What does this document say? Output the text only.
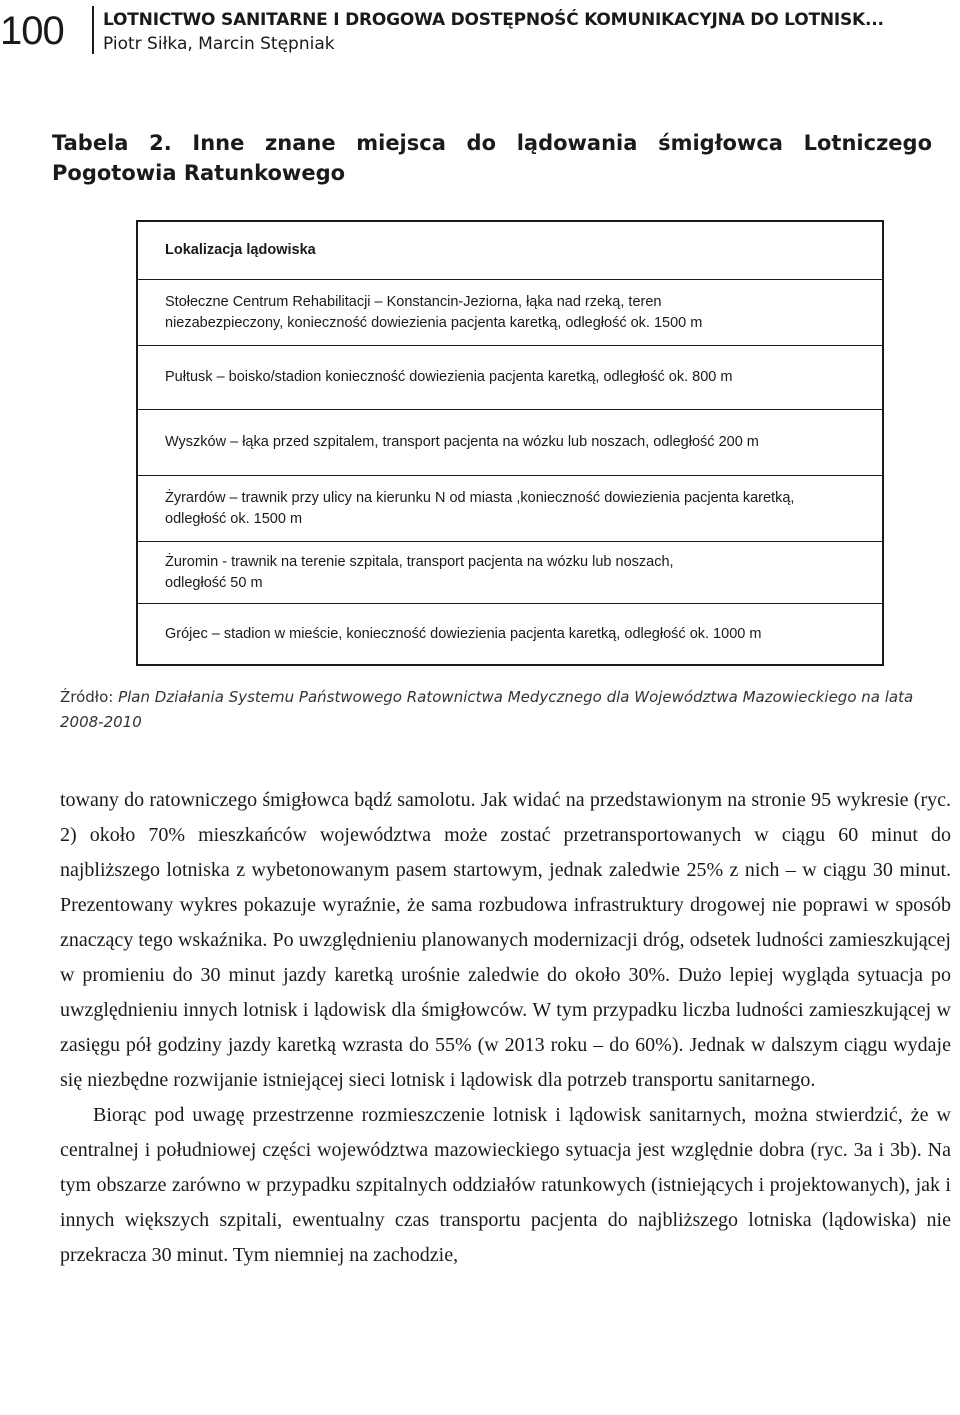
100 LOTNICTWO SANITARNE I DROGOWA DOSTĘPNOŚĆ KOMUNIKACYJNA DO LOTNISK...
Piotr Siłka, Marcin Stępniak
Tabela 2. Inne znane miejsca do lądowania śmigłowca Lotniczego Pogotowia Ratunkowego
Lokalizacja lądowiska
Stołeczne Centrum Rehabilitacji – Konstancin-Jeziorna, łąka nad rzeką, teren
niezabezpieczony, konieczność dowiezienia pacjenta karetką, odległość ok. 1500 m
Pułtusk – boisko/stadion konieczność dowiezienia pacjenta karetką, odległość ok. 800 m
Wyszków – łąka przed szpitalem, transport pacjenta na wózku lub noszach, odległość 200 m
Żyrardów – trawnik przy ulicy na kierunku N od miasta ,konieczność dowiezienia pacjenta karetką,
odległość ok. 1500 m
Żuromin - trawnik na terenie szpitala, transport pacjenta na wózku lub noszach,
odległość 50 m
Grójec – stadion w mieście, konieczność dowiezienia pacjenta karetką, odległość ok. 1000 m
Źródło: Plan Działania Systemu Państwowego Ratownictwa Medycznego dla Województwa Mazowieckiego na lata 2008-2010

towany do ratowniczego śmigłowca bądź samolotu. Jak widać na przedstawionym na stronie 95 wykresie (ryc. 2) około 70% mieszkańców województwa może zostać przetransportowanych w ciągu 60 minut do najbliższego lotniska z wybetonowanym pasem startowym, jednak zaledwie 25% z nich – w ciągu 30 minut. Prezentowany wykres pokazuje wyraźnie, że sama rozbudowa infrastruktury drogowej nie poprawi w sposób znaczący tego wskaźnika. Po uwzględnieniu planowanych modernizacji dróg, odsetek ludności zamieszkującej w promieniu do 30 minut jazdy karetką urośnie zaledwie do około 30%. Dużo lepiej wygląda sytuacja po uwzględnieniu innych lotnisk i lądowisk dla śmigłowców. W tym przypadku liczba ludności zamieszkującej w zasięgu pół godziny jazdy karetką wzrasta do 55% (w 2013 roku – do 60%). Jednak w dalszym ciągu wydaje się niezbędne rozwijanie istniejącej sieci lotnisk i lądowisk dla potrzeb transportu sanitarnego.

Biorąc pod uwagę przestrzenne rozmieszczenie lotnisk i lądowisk sanitarnych, można stwierdzić, że w centralnej i południowej części województwa mazowieckiego sytuacja jest względnie dobra (ryc. 3a i 3b). Na tym obszarze zarówno w przypadku szpitalnych oddziałów ratunkowych (istniejących i projektowanych), jak i innych większych szpitali, ewentualny czas transportu pacjenta do najbliższego lotniska (lądowiska) nie przekracza 30 minut. Tym niemniej na zachodzie,
